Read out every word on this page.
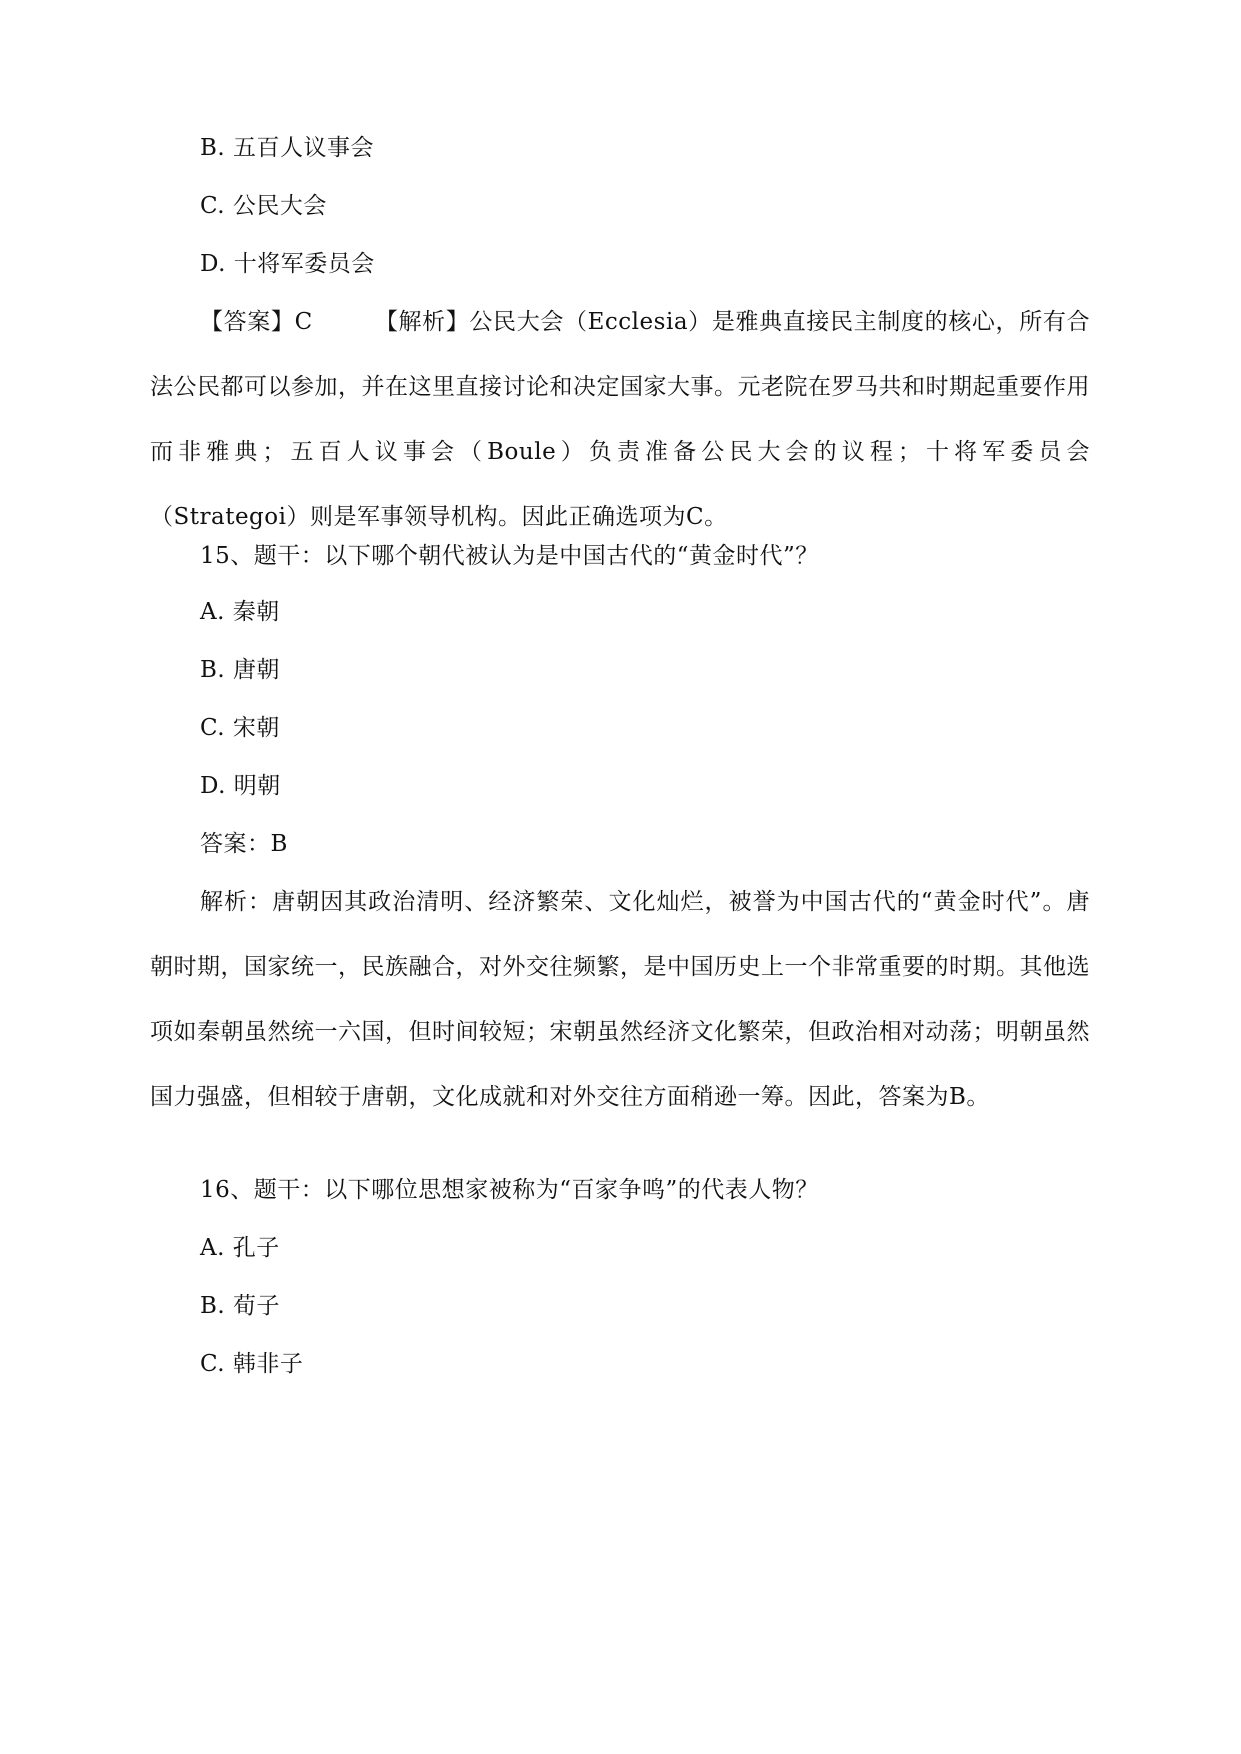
B. 五百人议事会
C. 公民大会
D. 十将军委员会
【答案】C	【解析】公民大会（Ecclesia）是雅典直接民主制度的核心，所有合法公民都可以参加，并在这里直接讨论和决定国家大事。元老院在罗马共和时期起重要作用而非雅典；五百人议事会（Boule）负责准备公民大会的议程；十将军委员会（Strategoi）则是军事领导机构。因此正确选项为C。
15、题干：以下哪个朝代被认为是中国古代的“黄金时代”？
A. 秦朝
B. 唐朝
C. 宋朝
D. 明朝
答案：B
解析：唐朝因其政治清明、经济繁荣、文化灿烂，被誉为中国古代的“黄金时代”。唐朝时期，国家统一，民族融合，对外交往频繁，是中国历史上一个非常重要的时期。其他选项如秦朝虽然统一六国，但时间较短；宋朝虽然经济文化繁荣，但政治相对动荡；明朝虽然国力强盛，但相较于唐朝，文化成就和对外交往方面稍逊一筹。因此，答案为B。
16、题干：以下哪位思想家被称为“百家争鸣”的代表人物？
A. 孔子
B. 荀子
C. 韩非子
